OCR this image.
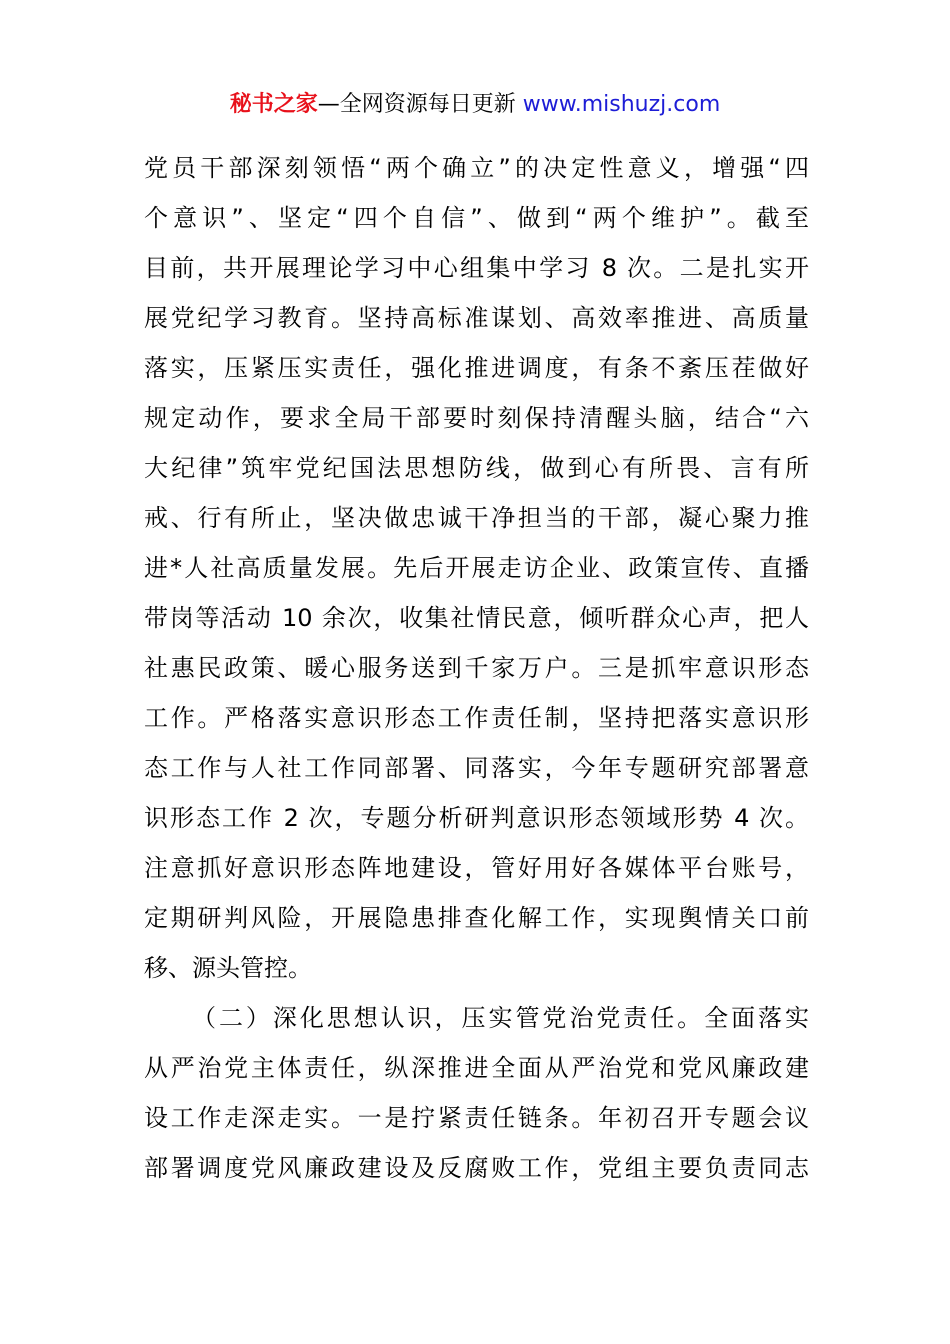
秘书之家—全网资源每日更新 www.mishuzj.com
党员干部深刻领悟“两个确立”的决定性意义，增强“四
个意识”、坚定“四个自信”、做到“两个维护”。截至
目前，共开展理论学习中心组集中学习 8 次。二是扎实开
展党纪学习教育。坚持高标准谋划、高效率推进、高质量
落实，压紧压实责任，强化推进调度，有条不紊压茬做好
规定动作，要求全局干部要时刻保持清醒头脑，结合“六
大纪律”筑牢党纪国法思想防线，做到心有所畏、言有所
戒、行有所止，坚决做忠诚干净担当的干部，凝心聚力推
进*人社高质量发展。先后开展走访企业、政策宣传、直播
带岗等活动 10 余次，收集社情民意，倾听群众心声，把人
社惠民政策、暖心服务送到千家万户。三是抓牢意识形态
工作。严格落实意识形态工作责任制，坚持把落实意识形
态工作与人社工作同部署、同落实，今年专题研究部署意
识形态工作 2 次，专题分析研判意识形态领域形势 4 次。
注意抓好意识形态阵地建设，管好用好各媒体平台账号，
定期研判风险，开展隐患排查化解工作，实现舆情关口前
移、源头管控。
（二）深化思想认识，压实管党治党责任。全面落实
从严治党主体责任，纵深推进全面从严治党和党风廉政建
设工作走深走实。一是拧紧责任链条。年初召开专题会议
部署调度党风廉政建设及反腐败工作，党组主要负责同志
